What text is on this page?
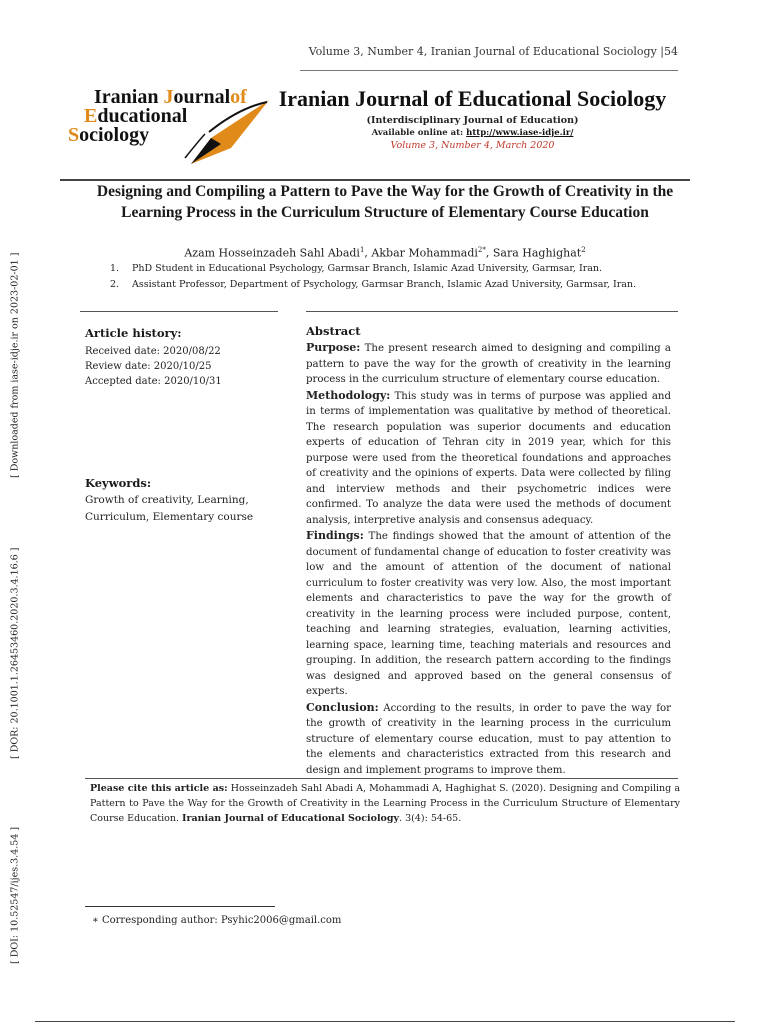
[ Downloaded from iase-idje.ir on 2023-02-01 ]
[ DOR: 20.1001.1.26453460.2020.3.4.16.6 ]
[ DOI: 10.52547/ijes.3.4.54 ]
Volume 3, Number 4, Iranian Journal of Educational Sociology |54
Iranian Journalof
Educational
Sociology
Iranian Journal of Educational Sociology
(Interdisciplinary Journal of Education)
Available online at: http://www.iase-idje.ir/
Volume 3, Number 4, March 2020
Designing and Compiling a Pattern to Pave the Way for the Growth of Creativity in the Learning Process in the Curriculum Structure of Elementary Course Education
Azam Hosseinzadeh Sahl Abadi$^1$, Akbar Mohammadi$^{2*}$, Sara Haghighat$^2$
1. PhD Student in Educational Psychology, Garmsar Branch, Islamic Azad University, Garmsar, Iran.
2. Assistant Professor, Department of Psychology, Garmsar Branch, Islamic Azad University, Garmsar, Iran.
Article history:
Received date: 2020/08/22
Review date: 2020/10/25
Accepted date: 2020/10/31
Keywords:
Growth of creativity, Learning, Curriculum, Elementary course
Abstract

Purpose: The present research aimed to designing and compiling a pattern to pave the way for the growth of creativity in the learning process in the curriculum structure of elementary course education.

Methodology: This study was in terms of purpose was applied and in terms of implementation was qualitative by method of theoretical. The research population was superior documents and education experts of education of Tehran city in 2019 year, which for this purpose were used from the theoretical foundations and approaches of creativity and the opinions of experts. Data were collected by filing and interview methods and their psychometric indices were confirmed. To analyze the data were used the methods of document analysis, interpretive analysis and consensus adequacy.

Findings: The findings showed that the amount of attention of the document of fundamental change of education to foster creativity was low and the amount of attention of the document of national curriculum to foster creativity was very low. Also, the most important elements and characteristics to pave the way for the growth of creativity in the learning process were included purpose, content, teaching and learning strategies, evaluation, learning activities, learning space, learning time, teaching materials and resources and grouping. In addition, the research pattern according to the findings was designed and approved based on the general consensus of experts.

Conclusion: According to the results, in order to pave the way for the growth of creativity in the learning process in the curriculum structure of elementary course education, must to pay attention to the elements and characteristics extracted from this research and design and implement programs to improve them.

Please cite this article as: Hosseinzadeh Sahl Abadi A, Mohammadi A, Haghighat S. (2020). Designing and Compiling a Pattern to Pave the Way for the Growth of Creativity in the Learning Process in the Curriculum Structure of Elementary Course Education. Iranian Journal of Educational Sociology. 3(4): 54-65.
∗ Corresponding author: Psyhic2006@gmail.com
